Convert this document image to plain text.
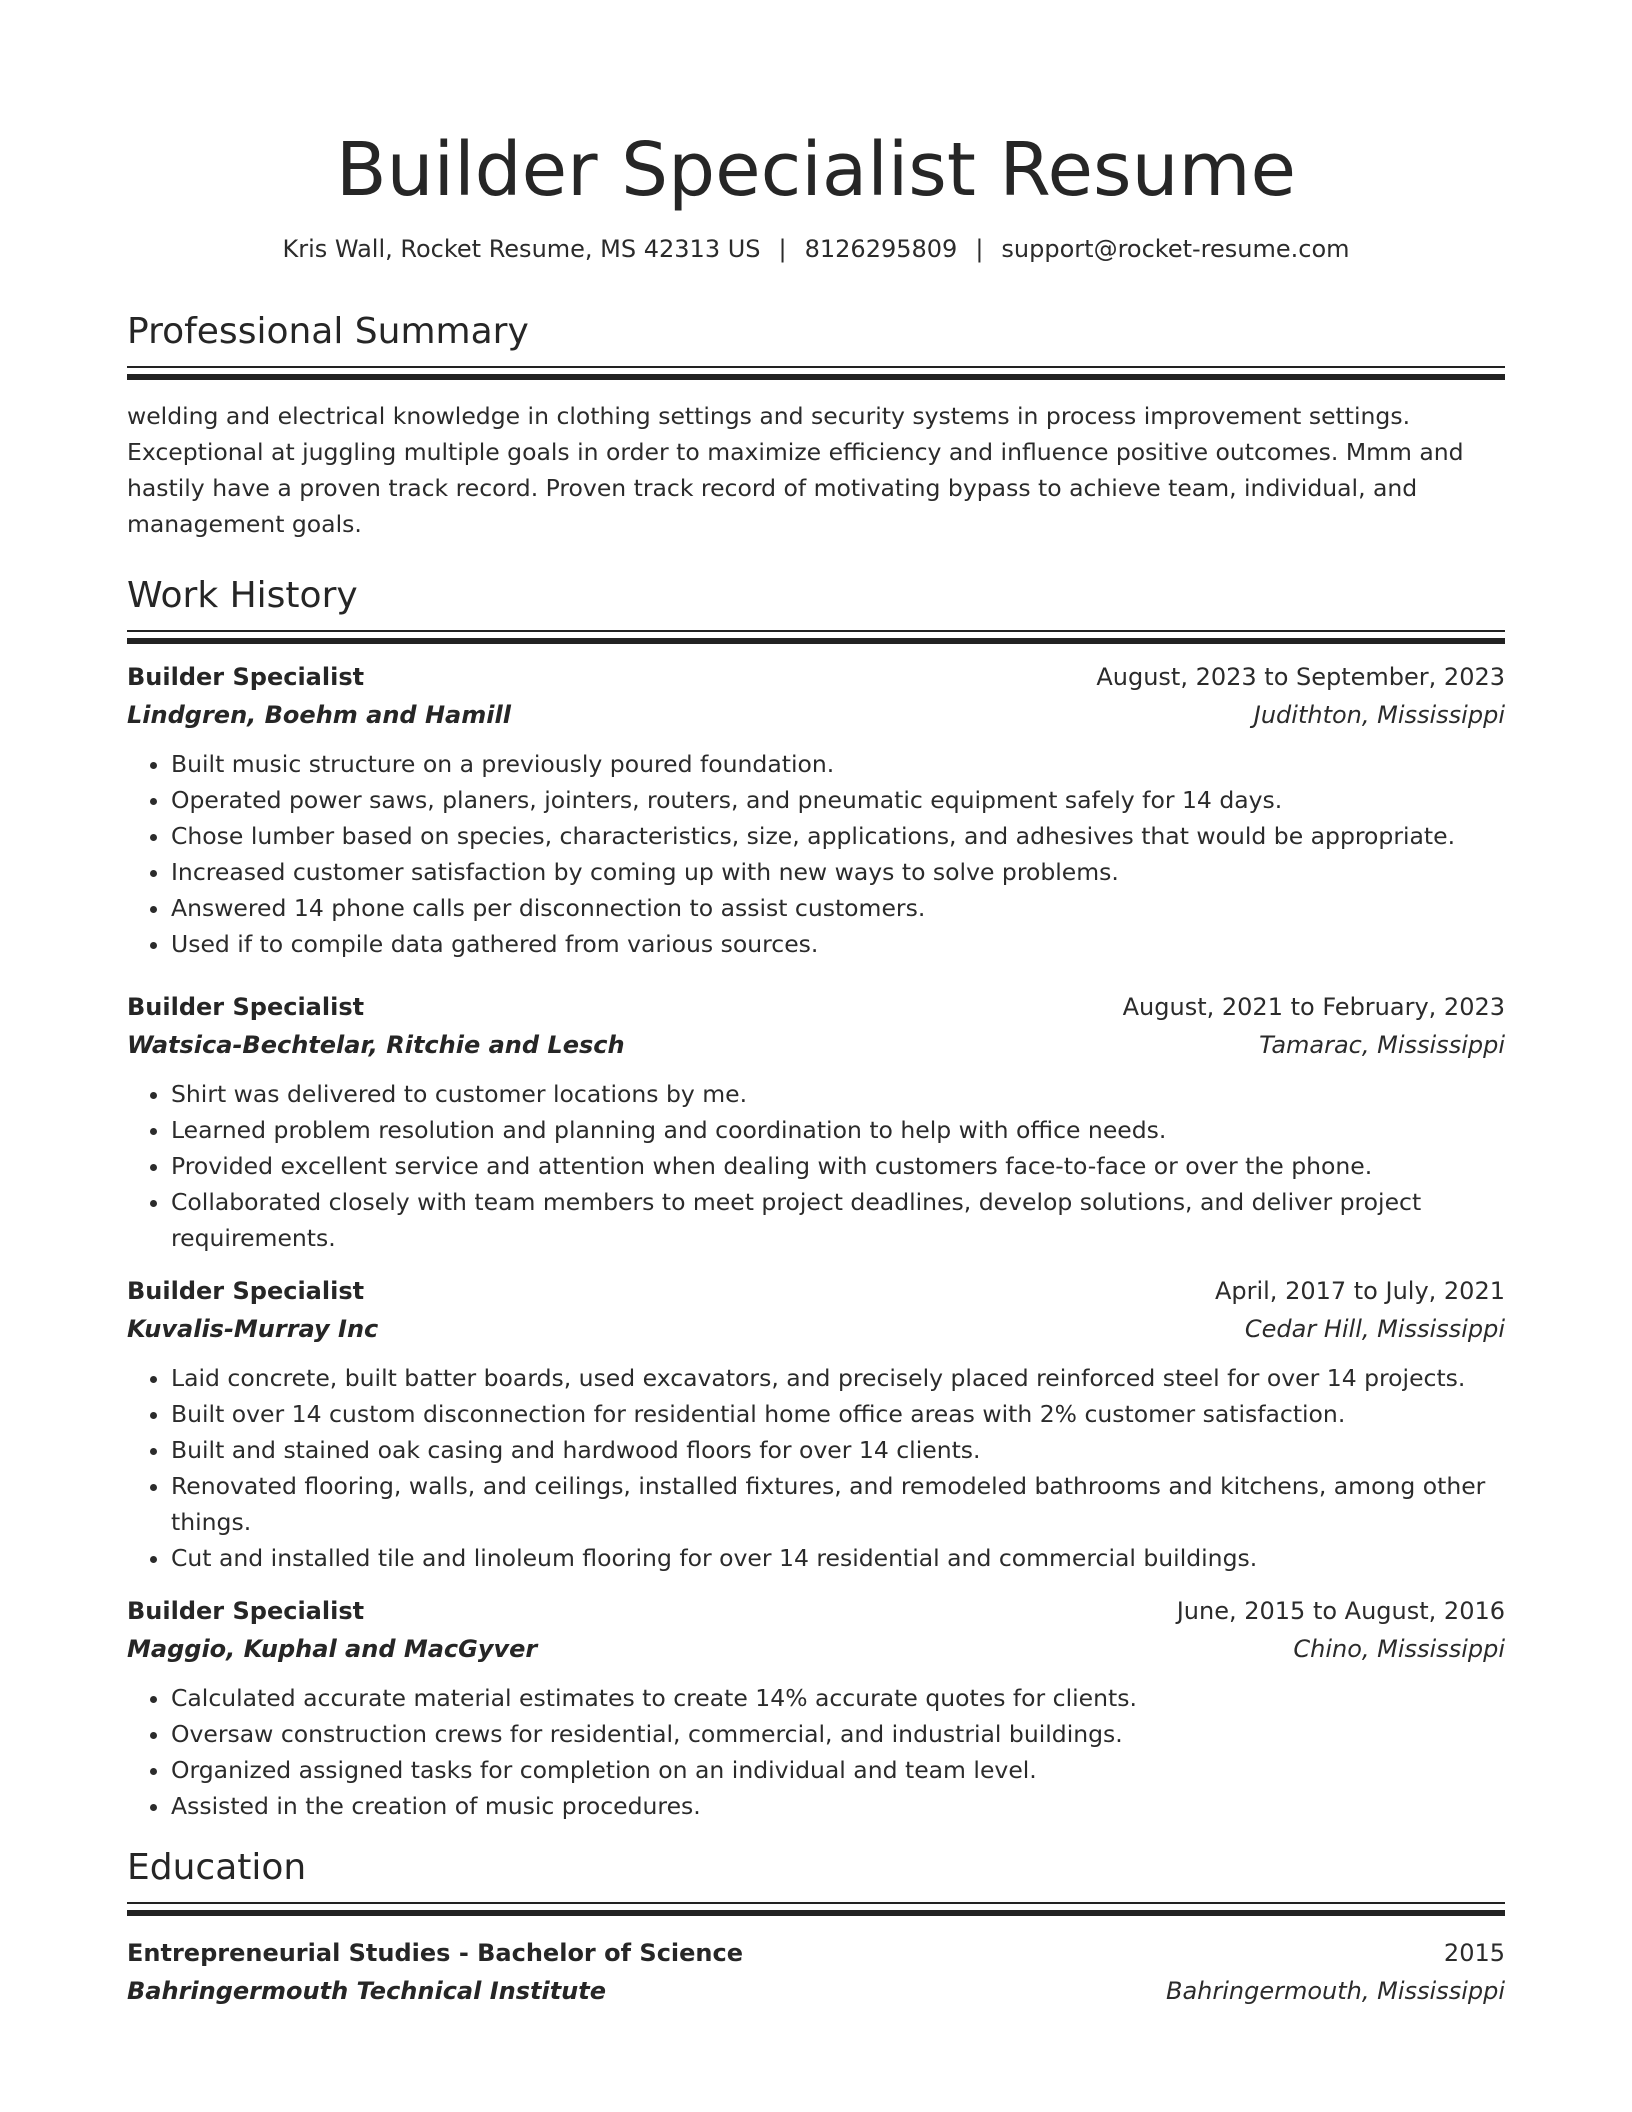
Builder Specialist Resume
Kris Wall, Rocket Resume, MS 42313 US | 8126295809 | support@rocket-resume.com
Professional Summary
welding and electrical knowledge in clothing settings and security systems in process improvement settings. Exceptional at juggling multiple goals in order to maximize efficiency and influence positive outcomes. Mmm and hastily have a proven track record. Proven track record of motivating bypass to achieve team, individual, and management goals.
Work History
Builder Specialist	August, 2023 to September, 2023
Lindgren, Boehm and Hamill	Judithton, Mississippi
• Built music structure on a previously poured foundation.
• Operated power saws, planers, jointers, routers, and pneumatic equipment safely for 14 days.
• Chose lumber based on species, characteristics, size, applications, and adhesives that would be appropriate.
• Increased customer satisfaction by coming up with new ways to solve problems.
• Answered 14 phone calls per disconnection to assist customers.
• Used if to compile data gathered from various sources.
Builder Specialist	August, 2021 to February, 2023
Watsica-Bechtelar, Ritchie and Lesch	Tamarac, Mississippi
• Shirt was delivered to customer locations by me.
• Learned problem resolution and planning and coordination to help with office needs.
• Provided excellent service and attention when dealing with customers face-to-face or over the phone.
• Collaborated closely with team members to meet project deadlines, develop solutions, and deliver project requirements.
Builder Specialist	April, 2017 to July, 2021
Kuvalis-Murray Inc	Cedar Hill, Mississippi
• Laid concrete, built batter boards, used excavators, and precisely placed reinforced steel for over 14 projects.
• Built over 14 custom disconnection for residential home office areas with 2% customer satisfaction.
• Built and stained oak casing and hardwood floors for over 14 clients.
• Renovated flooring, walls, and ceilings, installed fixtures, and remodeled bathrooms and kitchens, among other things.
• Cut and installed tile and linoleum flooring for over 14 residential and commercial buildings.
Builder Specialist	June, 2015 to August, 2016
Maggio, Kuphal and MacGyver	Chino, Mississippi
• Calculated accurate material estimates to create 14% accurate quotes for clients.
• Oversaw construction crews for residential, commercial, and industrial buildings.
• Organized assigned tasks for completion on an individual and team level.
• Assisted in the creation of music procedures.
Education
Entrepreneurial Studies - Bachelor of Science	2015
Bahringermouth Technical Institute	Bahringermouth, Mississippi
